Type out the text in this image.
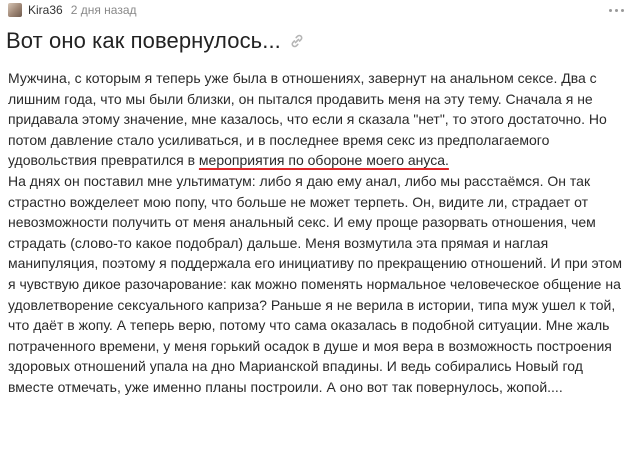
Kira36 2 дня назад
Вот оно как повернулось...

Мужчина, с которым я теперь уже была в отношениях, завернут на анальном сексе. Два с лишним года, что мы были близки, он пытался продавить меня на эту тему. Сначала я не придавала этому значение, мне казалось, что если я сказала "нет", то этого достаточно. Но потом давление стало усиливаться, и в последнее время секс из предполагаемого удовольствия превратился в мероприятия по обороне моего ануса.

На днях он поставил мне ультиматум: либо я даю ему анал, либо мы расстаёмся. Он так страстно вожделеет мою попу, что больше не может терпеть. Он, видите ли, страдает от невозможности получить от меня анальный секс. И ему проще разорвать отношения, чем страдать (слово-то какое подобрал) дальше. Меня возмутила эта прямая и наглая манипуляция, поэтому я поддержала его инициативу по прекращению отношений. И при этом я чувствую дикое разочарование: как можно поменять нормальное человеческое общение на удовлетворение сексуального каприза? Раньше я не верила в истории, типа муж ушел к той, что даёт в жопу. А теперь верю, потому что сама оказалась в подобной ситуации. Мне жаль потраченного времени, у меня горький осадок в душе и моя вера в возможность построения здоровых отношений упала на дно Марианской впадины. И ведь собирались Новый год вместе отмечать, уже именно планы построили. А оно вот так повернулось, жопой....
